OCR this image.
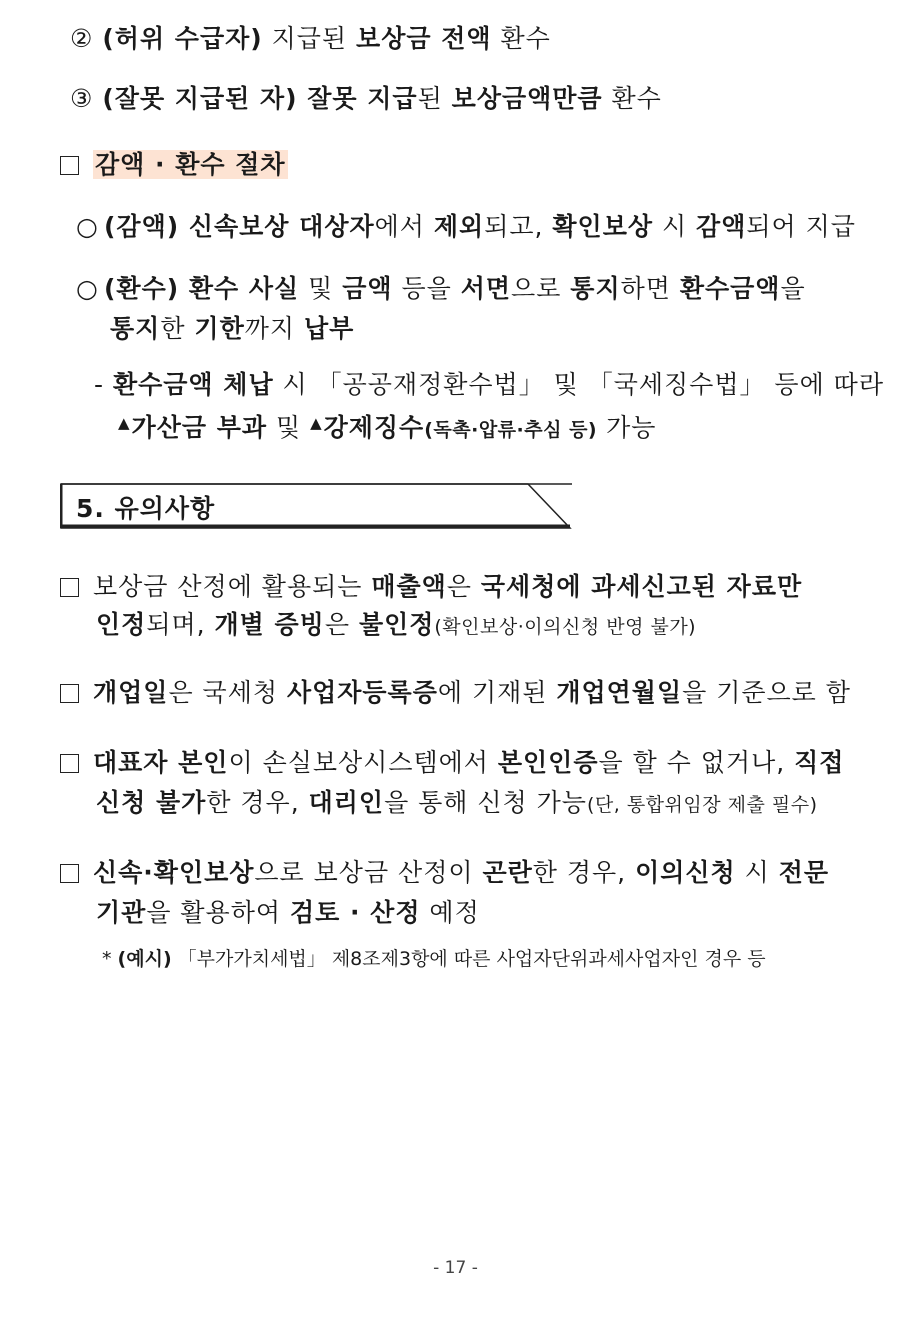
② (허위 수급자) 지급된 보상금 전액 환수
③ (잘못 지급된 자) 잘못 지급된 보상금액만큼 환수
감액 · 환수 절차
○ (감액) 신속보상 대상자에서 제외되고, 확인보상 시 감액되어 지급
○ (환수) 환수 사실 및 금액 등을 서면으로 통지하면 환수금액을
통지한 기한까지 납부
- 환수금액 체납 시 「공공재정환수법」 및 「국세징수법」 등에 따라
▲가산금 부과 및 ▲강제징수(독촉·압류·추심 등) 가능
5. 유의사항
보상금 산정에 활용되는 매출액은 국세청에 과세신고된 자료만
인정되며, 개별 증빙은 불인정(확인보상·이의신청 반영 불가)
개업일은 국세청 사업자등록증에 기재된 개업연월일을 기준으로 함
대표자 본인이 손실보상시스템에서 본인인증을 할 수 없거나, 직접
신청 불가한 경우, 대리인을 통해 신청 가능(단, 통합위임장 제출 필수)
신속·확인보상으로 보상금 산정이 곤란한 경우, 이의신청 시 전문
기관을 활용하여 검토 · 산정 예정
* (예시) 「부가가치세법」 제8조제3항에 따른 사업자단위과세사업자인 경우 등
- 17 -
